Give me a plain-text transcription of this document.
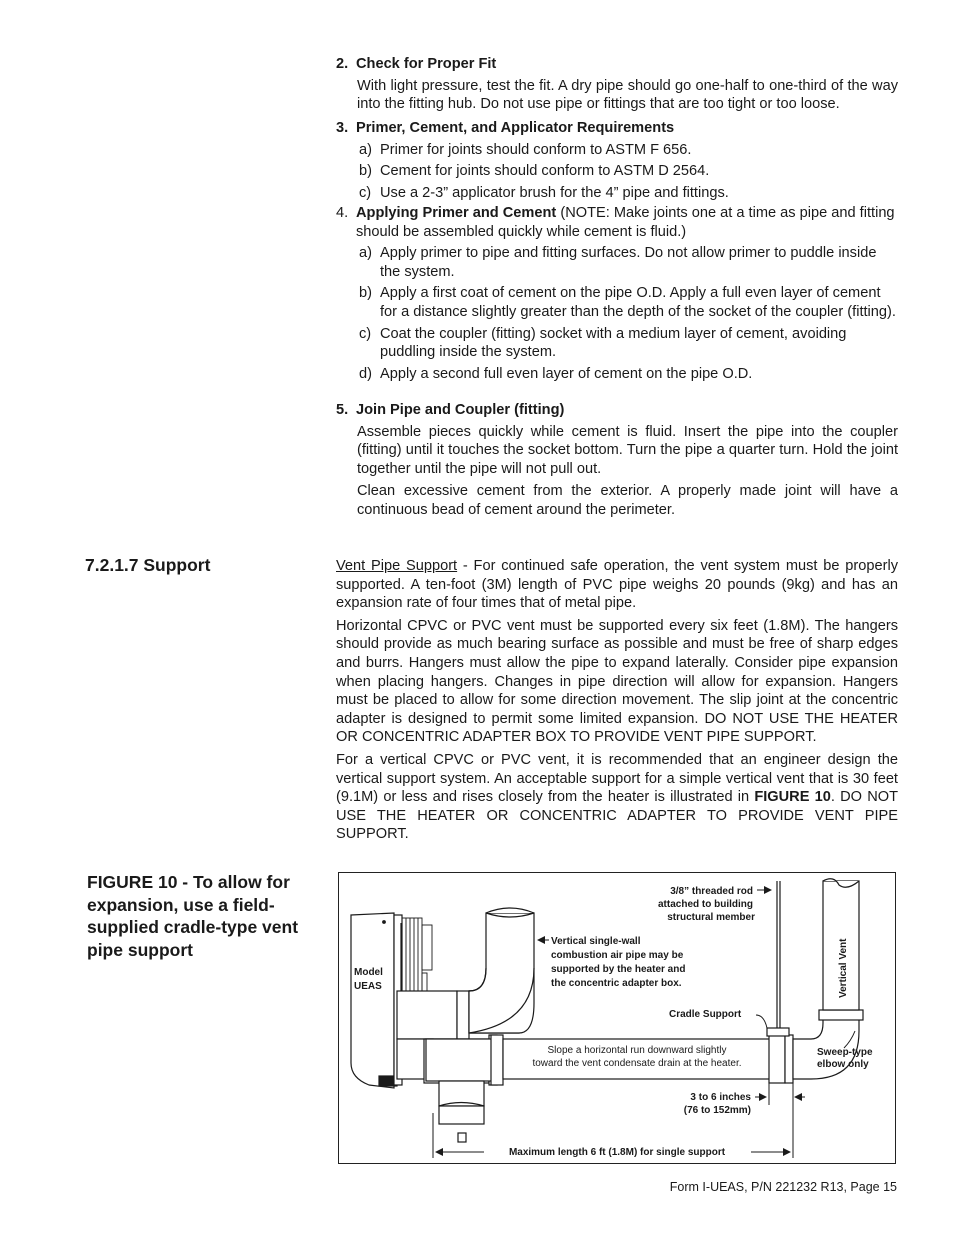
2. Check for Proper Fit

With light pressure, test the fit. A dry pipe should go one-half to one-third of the way into the fitting hub. Do not use pipe or fittings that are too tight or too loose.

3. Primer, Cement, and Applicator Requirements
a) Primer for joints should conform to ASTM F 656.
b) Cement for joints should conform to ASTM D 2564.
c) Use a 2-3” applicator brush for the 4” pipe and fittings.
4. Applying Primer and Cement (NOTE: Make joints one at a time as pipe and fitting should be assembled quickly while cement is fluid.)
a) Apply primer to pipe and fitting surfaces. Do not allow primer to puddle inside the system.
b) Apply a first coat of cement on the pipe O.D. Apply a full even layer of cement for a distance slightly greater than the depth of the socket of the coupler (fitting).
c) Coat the coupler (fitting) socket with a medium layer of cement, avoiding puddling inside the system.
d) Apply a second full even layer of cement on the pipe O.D.
5. Join Pipe and Coupler (fitting)

Assemble pieces quickly while cement is fluid. Insert the pipe into the coupler (fitting) until it touches the socket bottom. Turn the pipe a quarter turn. Hold the joint together until the pipe will not pull out.

Clean excessive cement from the exterior. A properly made joint will have a continuous bead of cement around the perimeter.

7.2.1.7 Support	Vent Pipe Support - For continued safe operation, the vent system must be properly supported. A ten-foot (3M) length of PVC pipe weighs 20 pounds (9kg) and has an expansion rate of four times that of metal pipe.

Horizontal CPVC or PVC vent must be supported every six feet (1.8M). The hangers should provide as much bearing surface as possible and must be free of sharp edges and burrs. Hangers must allow the pipe to expand laterally. Consider pipe expansion when placing hangers. Changes in pipe direction will allow for expansion. Hangers must be placed to allow for some direction movement. The slip joint at the concentric adapter is designed to permit some limited expansion. DO NOT USE THE HEATER OR CONCENTRIC ADAPTER BOX TO PROVIDE VENT PIPE SUPPORT.

For a vertical CPVC or PVC vent, it is recommended that an engineer design the vertical support system. An acceptable support for a simple vertical vent that is 30 feet (9.1M) or less and rises closely from the heater is illustrated in FIGURE 10. DO NOT USE THE HEATER OR CONCENTRIC ADAPTER TO PROVIDE VENT PIPE SUPPORT.

FIGURE 10 - To allow for expansion, use a field-supplied cradle-type vent pipe support
Model
UEAS
3/8” threaded rod
attached to building
structural member
Vertical single-wall
combustion air pipe may be
supported by the heater and
the concentric adapter box.
Cradle Support
Vertical Vent
Slope a horizontal run downward slightly
toward the vent condensate drain at the heater.
Sweep-type
elbow only
3 to 6 inches
(76 to 152mm)
Maximum length 6 ft (1.8M) for single support
Form I-UEAS, P/N 221232 R13, Page 15
